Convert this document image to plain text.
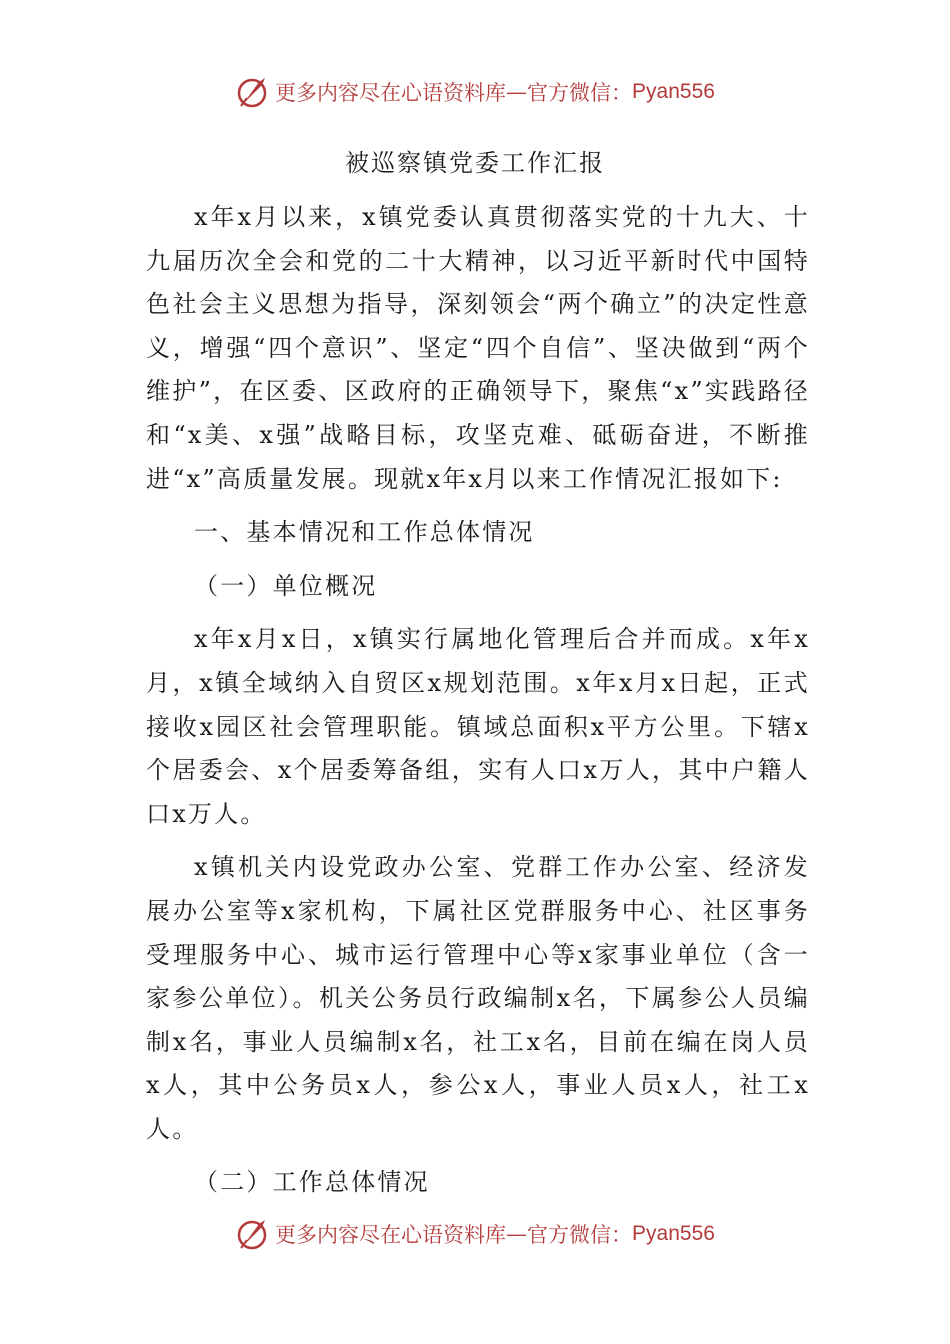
更多内容尽在心语资料库 — 官方微信： Pyan556
被巡察镇党委工作汇报

x年x月以来，x镇党委认真贯彻落实党的十九大、十九届历次全会和党的二十大精神，以习近平新时代中国特色社会主义思想为指导，深刻领会“两个确立”的决定性意义，增强“四个意识”、坚定“四个自信”、坚决做到“两个维护”，在区委、区政府的正确领导下，聚焦“x”实践路径和“x美、x强”战略目标，攻坚克难、砥砺奋进，不断推进“x”高质量发展。现就x年x月以来工作情况汇报如下:

一、基本情况和工作总体情况

（一）单位概况

x年x月x日，x镇实行属地化管理后合并而成。x年x月，x镇全域纳入自贸区x规划范围。x年x月x日起，正式接收x园区社会管理职能。镇域总面积x平方公里。下辖x个居委会、x个居委筹备组，实有人口x万人，其中户籍人口x万人。

x镇机关内设党政办公室、党群工作办公室、经济发展办公室等x家机构，下属社区党群服务中心、社区事务受理服务中心、城市运行管理中心等x家事业单位（含一家参公单位）。机关公务员行政编制x名，下属参公人员编制x名，事业人员编制x名，社工x名，目前在编在岗人员x人，其中公务员x人，参公x人，事业人员x人，社工x人。

（二）工作总体情况

更多内容尽在心语资料库 — 官方微信： Pyan556
